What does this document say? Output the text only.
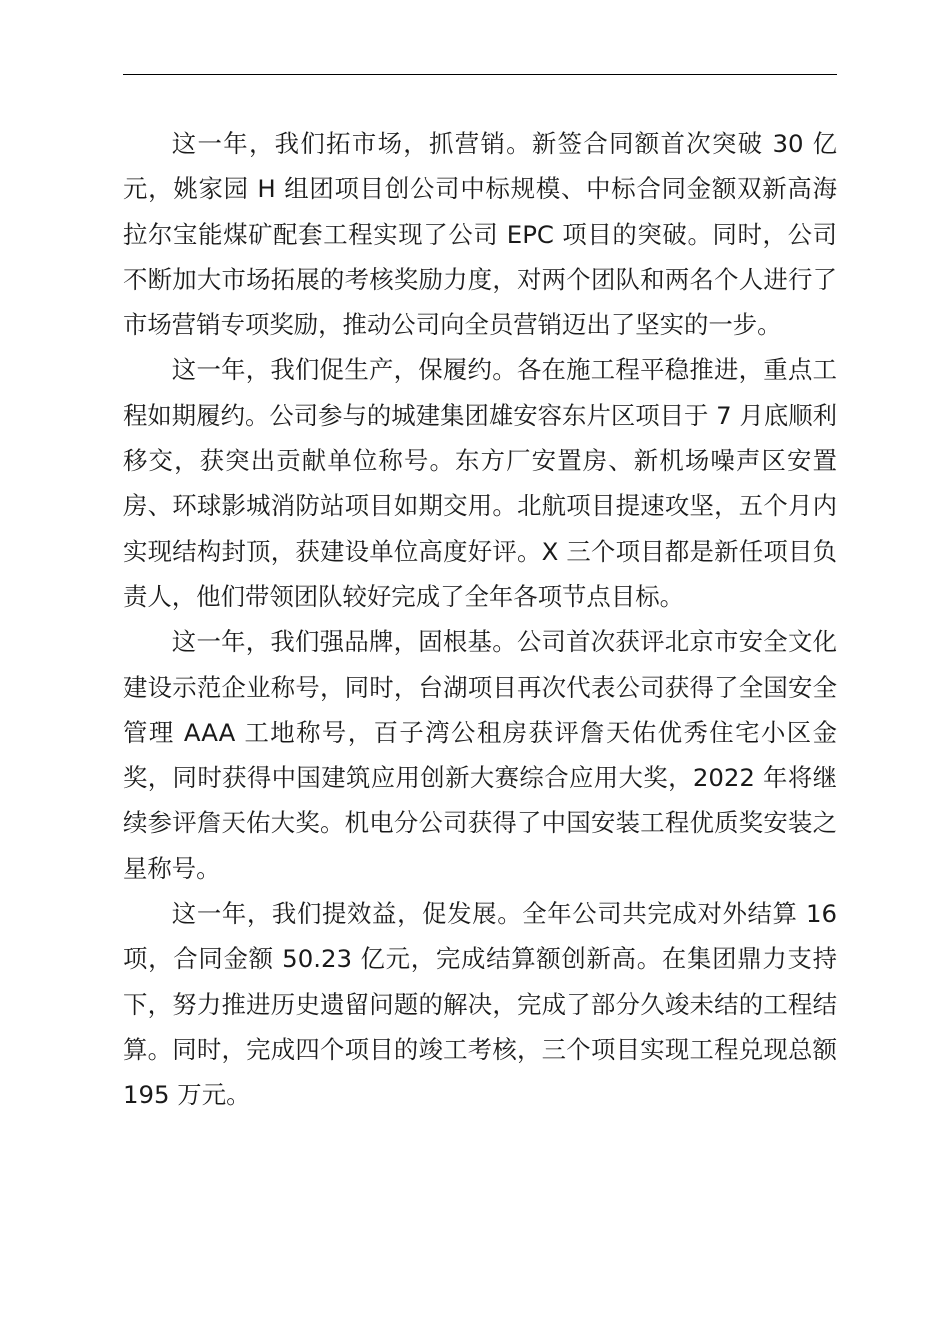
这一年，我们拓市场，抓营销。新签合同额首次突破 30 亿元，姚家园 H 组团项目创公司中标规模、中标合同金额双新高海拉尔宝能煤矿配套工程实现了公司 EPC 项目的突破。同时，公司不断加大市场拓展的考核奖励力度，对两个团队和两名个人进行了市场营销专项奖励，推动公司向全员营销迈出了坚实的一步。

这一年，我们促生产，保履约。各在施工程平稳推进，重点工程如期履约。公司参与的城建集团雄安容东片区项目于 7 月底顺利移交，获突出贡献单位称号。东方厂安置房、新机场噪声区安置房、环球影城消防站项目如期交用。北航项目提速攻坚，五个月内实现结构封顶，获建设单位高度好评。X 三个项目都是新任项目负责人，他们带领团队较好完成了全年各项节点目标。

这一年，我们强品牌，固根基。公司首次获评北京市安全文化建设示范企业称号，同时，台湖项目再次代表公司获得了全国安全管理 AAA 工地称号，百子湾公租房获评詹天佑优秀住宅小区金奖，同时获得中国建筑应用创新大赛综合应用大奖，2022 年将继续参评詹天佑大奖。机电分公司获得了中国安装工程优质奖安装之星称号。

这一年，我们提效益，促发展。全年公司共完成对外结算 16 项，合同金额 50.23 亿元，完成结算额创新高。在集团鼎力支持下，努力推进历史遗留问题的解决，完成了部分久竣未结的工程结算。同时，完成四个项目的竣工考核，三个项目实现工程兑现总额 195 万元。
